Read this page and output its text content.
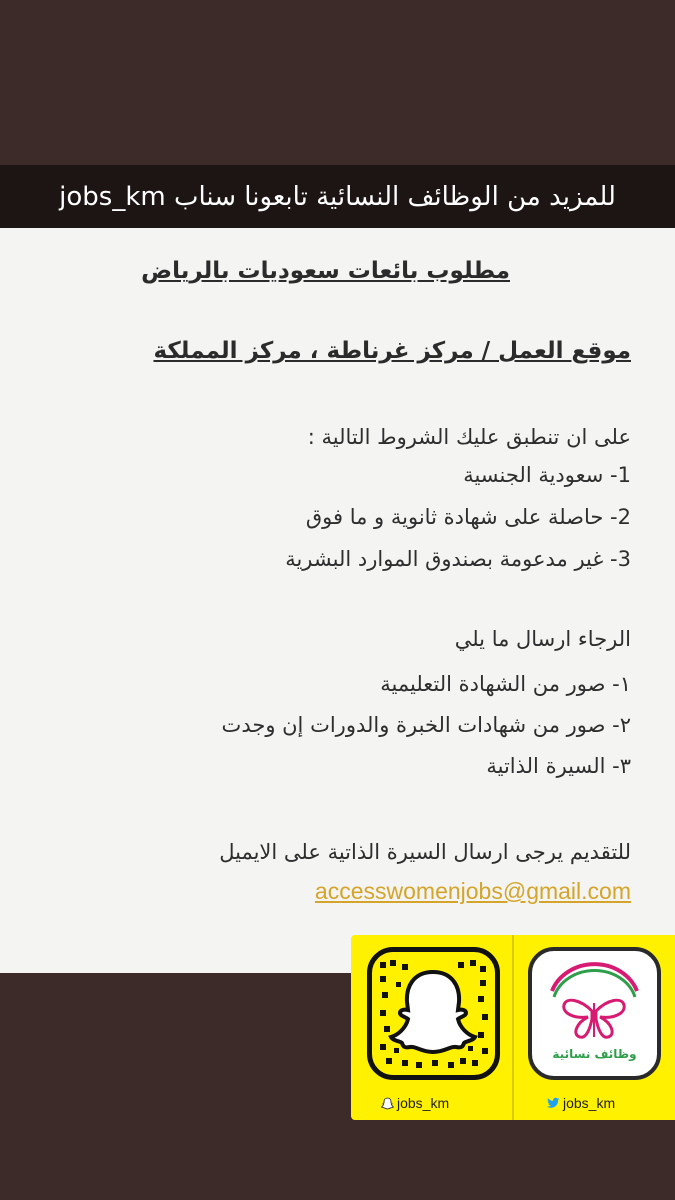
للمزيد من الوظائف النسائية تابعونا سناب jobs_km
مطلوب بائعات سعوديات بالرياض
موقع العمل / مركز غرناطة ، مركز المملكة
على ان تنطبق عليك الشروط التالية :
1- سعودية الجنسية
2- حاصلة على شهادة ثانوية و ما فوق
3- غير مدعومة بصندوق الموارد البشرية
الرجاء ارسال ما يلي
١- صور من الشهادة التعليمية
٢- صور من شهادات الخبرة والدورات إن وجدت
٣- السيرة الذاتية
للتقديم يرجى ارسال السيرة الذاتية على الايميل
accesswomenjobs@gmail.com
وظائف نسائية
jobs_km	jobs_km
